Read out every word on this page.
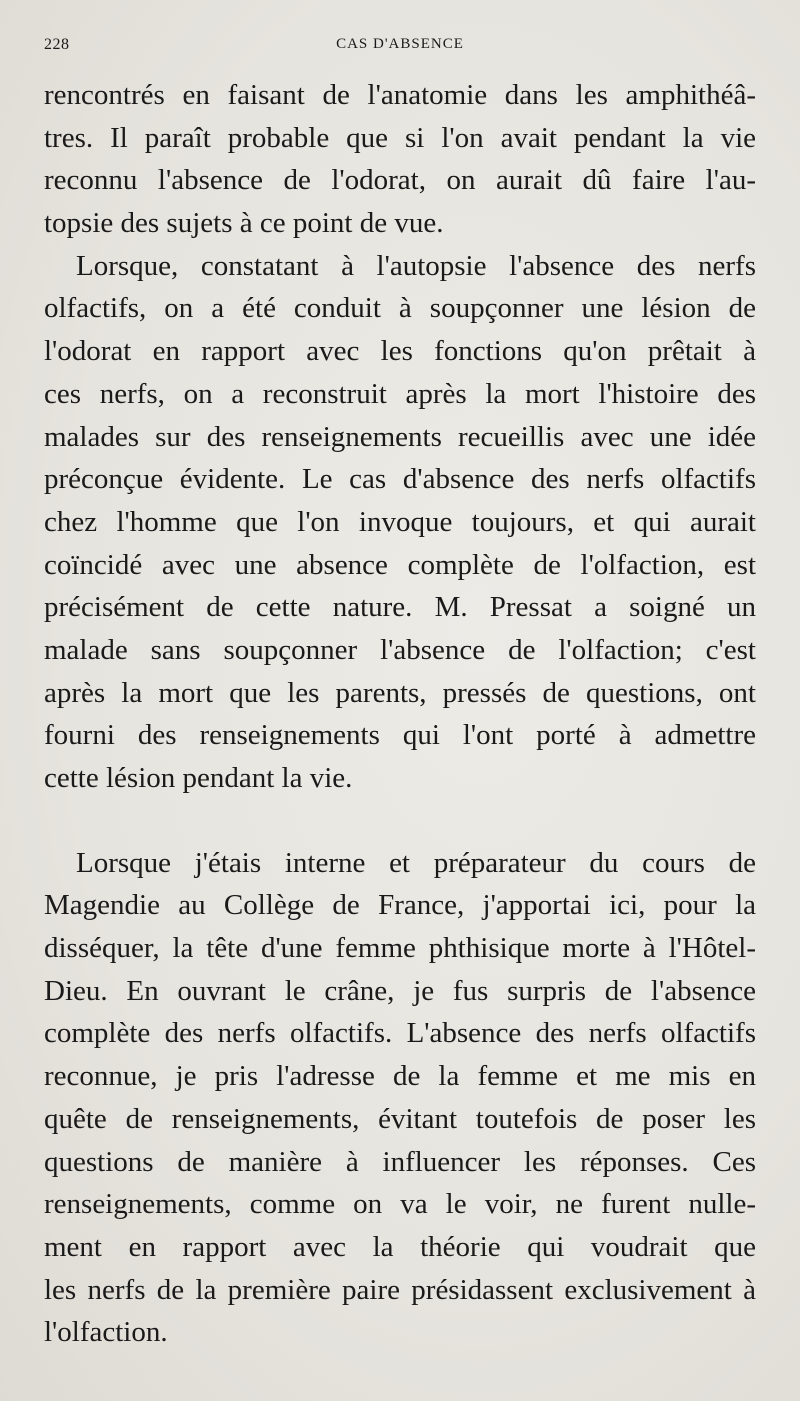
228	CAS D'ABSENCE

rencontrés en faisant de l'anatomie dans les amphithéâ-
tres. Il paraît probable que si l'on avait pendant la vie
reconnu l'absence de l'odorat, on aurait dû faire l'au-
topsie des sujets à ce point de vue.

Lorsque, constatant à l'autopsie l'absence des nerfs
olfactifs, on a été conduit à soupçonner une lésion de
l'odorat en rapport avec les fonctions qu'on prêtait à
ces nerfs, on a reconstruit après la mort l'histoire des
malades sur des renseignements recueillis avec une idée
préconçue évidente. Le cas d'absence des nerfs olfactifs
chez l'homme que l'on invoque toujours, et qui aurait
coïncidé avec une absence complète de l'olfaction, est
précisément de cette nature. M. Pressat a soigné un
malade sans soupçonner l'absence de l'olfaction; c'est
après la mort que les parents, pressés de questions, ont
fourni des renseignements qui l'ont porté à admettre
cette lésion pendant la vie.

Lorsque j'étais interne et préparateur du cours de
Magendie au Collège de France, j'apportai ici, pour la
disséquer, la tête d'une femme phthisique morte à l'Hôtel-
Dieu. En ouvrant le crâne, je fus surpris de l'absence
complète des nerfs olfactifs. L'absence des nerfs olfactifs
reconnue, je pris l'adresse de la femme et me mis en
quête de renseignements, évitant toutefois de poser les
questions de manière à influencer les réponses. Ces
renseignements, comme on va le voir, ne furent nulle-
ment en rapport avec la théorie qui voudrait que
les nerfs de la première paire présidassent exclusivement à
l'olfaction.
